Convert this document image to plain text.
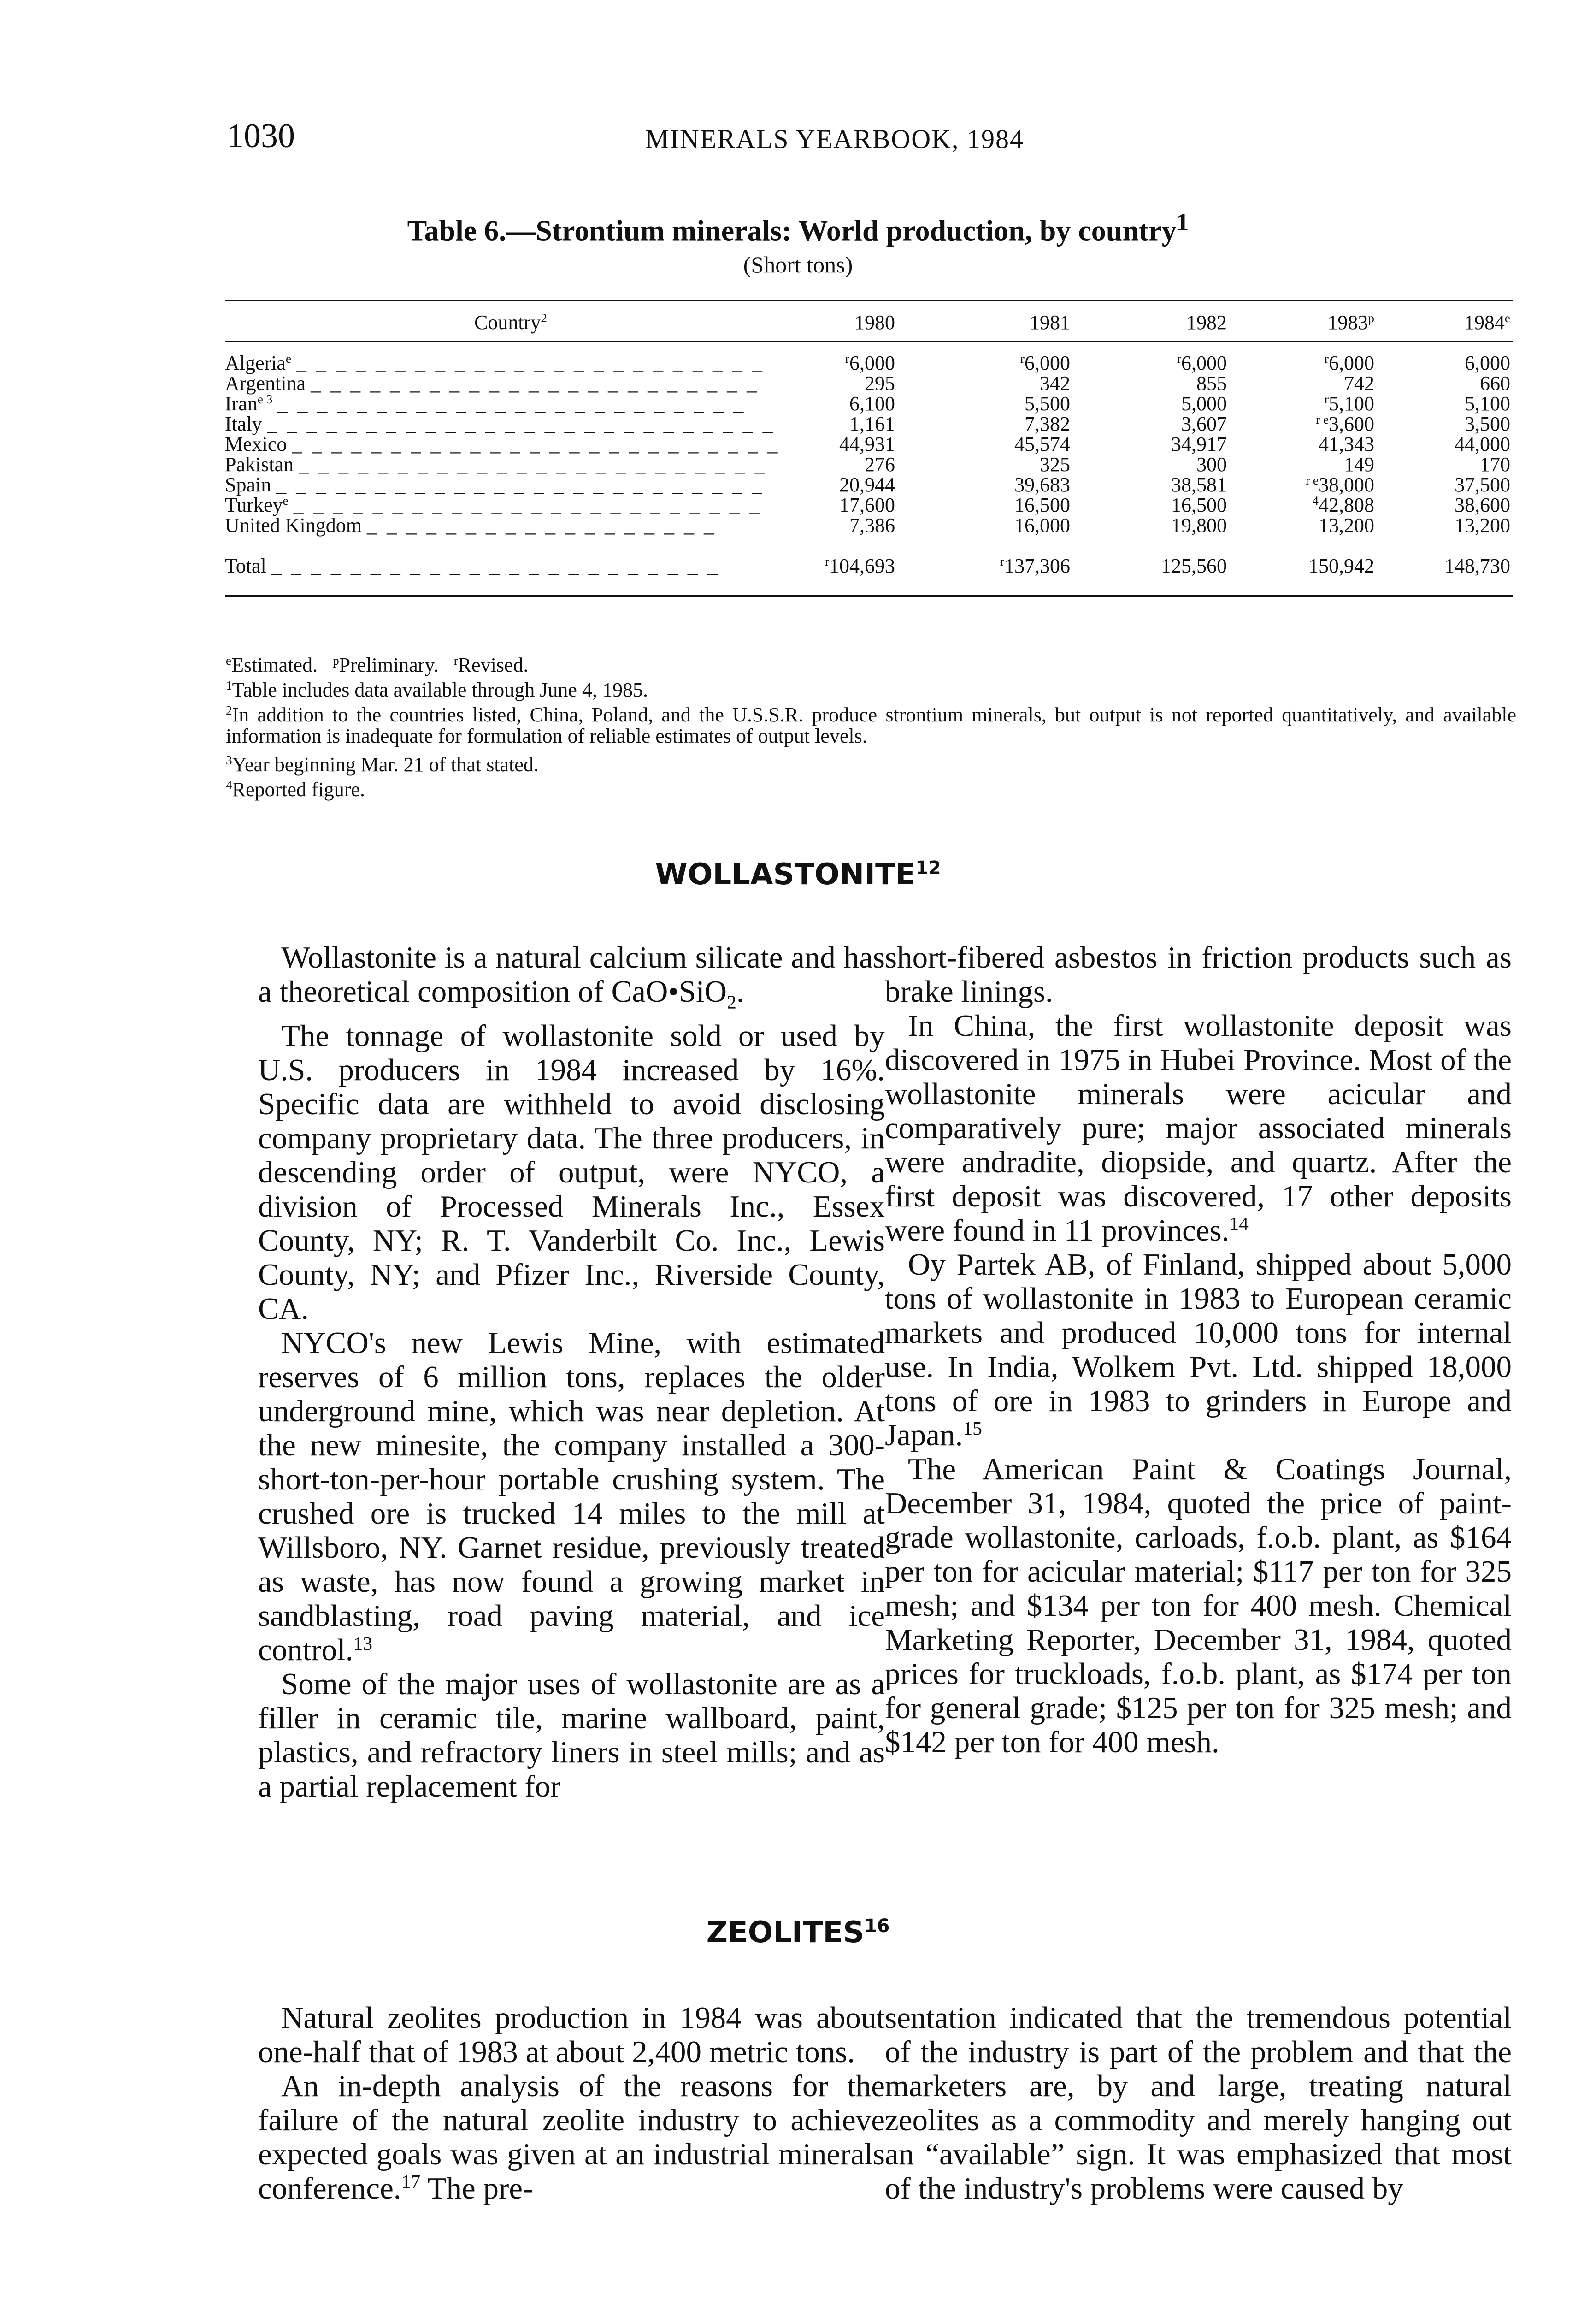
1030	MINERALS YEARBOOK, 1984
Table 6.—Strontium minerals: World production, by country$^1$
(Short tons)
Country$^2$	1980	1981	1982	1983$^p$	1984e

Algeria$^e$ _ _ _ _ _ _ _ _ _ _ _ _ _ _ _ _ _ _ _ _ _ _ _ _	$^r$6,000	$^r$6,000	$^r$6,000	$^r$6,000	6,000
Argentina _ _ _ _ _ _ _ _ _ _ _ _ _ _ _ _ _ _ _ _ _ _ _	295	342	855	742	660
Iran$^{e 3}$ _ _ _ _ _ _ _ _ _ _ _ _ _ _ _ _ _ _ _ _ _ _ _ _	6,100	5,500	5,000	$^r$5,100	5,100
Italy _ _ _ _ _ _ _ _ _ _ _ _ _ _ _ _ _ _ _ _ _ _ _ _ _ _	1,161	7,382	3,607	$^{r e}$3,600	3,500
Mexico _ _ _ _ _ _ _ _ _ _ _ _ _ _ _ _ _ _ _ _ _ _ _ _ _	44,931	45,574	34,917	41,343	44,000
Pakistan _ _ _ _ _ _ _ _ _ _ _ _ _ _ _ _ _ _ _ _ _ _ _ _	276	325	300	149	170
Spain _ _ _ _ _ _ _ _ _ _ _ _ _ _ _ _ _ _ _ _ _ _ _ _ _	20,944	39,683	38,581	$^{r e}$38,000	37,500
Turkey$^e$ _ _ _ _ _ _ _ _ _ _ _ _ _ _ _ _ _ _ _ _ _ _ _ _	17,600	16,500	16,500	$^4$42,808	38,600
United Kingdom _ _ _ _ _ _ _ _ _ _ _ _ _ _ _ _ _ _	7,386	16,000	19,800	13,200	13,200

Total _ _ _ _ _ _ _ _ _ _ _ _ _ _ _ _ _ _ _ _ _ _ _	$^r$104,693	$^r$137,306	125,560	150,942	148,730
$^e$Estimated. $^p$Preliminary. $^r$Revised.
$^1$Table includes data available through June 4, 1985.
$^2$In addition to the countries listed, China, Poland, and the U.S.S.R. produce strontium minerals, but output is not reported quantitatively, and available information is inadequate for formulation of reliable estimates of output levels.
$^3$Year beginning Mar. 21 of that stated.
$^4$Reported figure.
WOLLASTONITE$^{12}$

Wollastonite is a natural calcium silicate and has a theoretical composition of CaO•SiO$_2$.

The tonnage of wollastonite sold or used by U.S. producers in 1984 increased by 16%. Specific data are withheld to avoid disclosing company proprietary data. The three producers, in descending order of output, were NYCO, a division of Processed Minerals Inc., Essex County, NY; R. T. Vanderbilt Co. Inc., Lewis County, NY; and Pfizer Inc., Riverside County, CA.

NYCO's new Lewis Mine, with estimated reserves of 6 million tons, replaces the older underground mine, which was near depletion. At the new minesite, the company installed a 300-short-ton-per-hour portable crushing system. The crushed ore is trucked 14 miles to the mill at Willsboro, NY. Garnet residue, previously treated as waste, has now found a growing market in sandblasting, road paving material, and ice control.$^{13}$

Some of the major uses of wollastonite are as a filler in ceramic tile, marine wallboard, paint, plastics, and refractory liners in steel mills; and as a partial replacement for

short-fibered asbestos in friction products such as brake linings.

In China, the first wollastonite deposit was discovered in 1975 in Hubei Province. Most of the wollastonite minerals were acicular and comparatively pure; major associated minerals were andradite, diopside, and quartz. After the first deposit was discovered, 17 other deposits were found in 11 provinces.$^{14}$

Oy Partek AB, of Finland, shipped about 5,000 tons of wollastonite in 1983 to European ceramic markets and produced 10,000 tons for internal use. In India, Wolkem Pvt. Ltd. shipped 18,000 tons of ore in 1983 to grinders in Europe and Japan.$^{15}$

The American Paint & Coatings Journal, December 31, 1984, quoted the price of paint-grade wollastonite, carloads, f.o.b. plant, as $164 per ton for acicular material; $117 per ton for 325 mesh; and $134 per ton for 400 mesh. Chemical Marketing Reporter, December 31, 1984, quoted prices for truckloads, f.o.b. plant, as $174 per ton for general grade; $125 per ton for 325 mesh; and $142 per ton for 400 mesh.

ZEOLITES$^{16}$

Natural zeolites production in 1984 was about one-half that of 1983 at about 2,400 metric tons.

An in-depth analysis of the reasons for the failure of the natural zeolite industry to achieve expected goals was given at an industrial minerals conference.$^{17}$ The pre-

sentation indicated that the tremendous potential of the industry is part of the problem and that the marketers are, by and large, treating natural zeolites as a commodity and merely hanging out an “available” sign. It was emphasized that most of the industry's problems were caused by
